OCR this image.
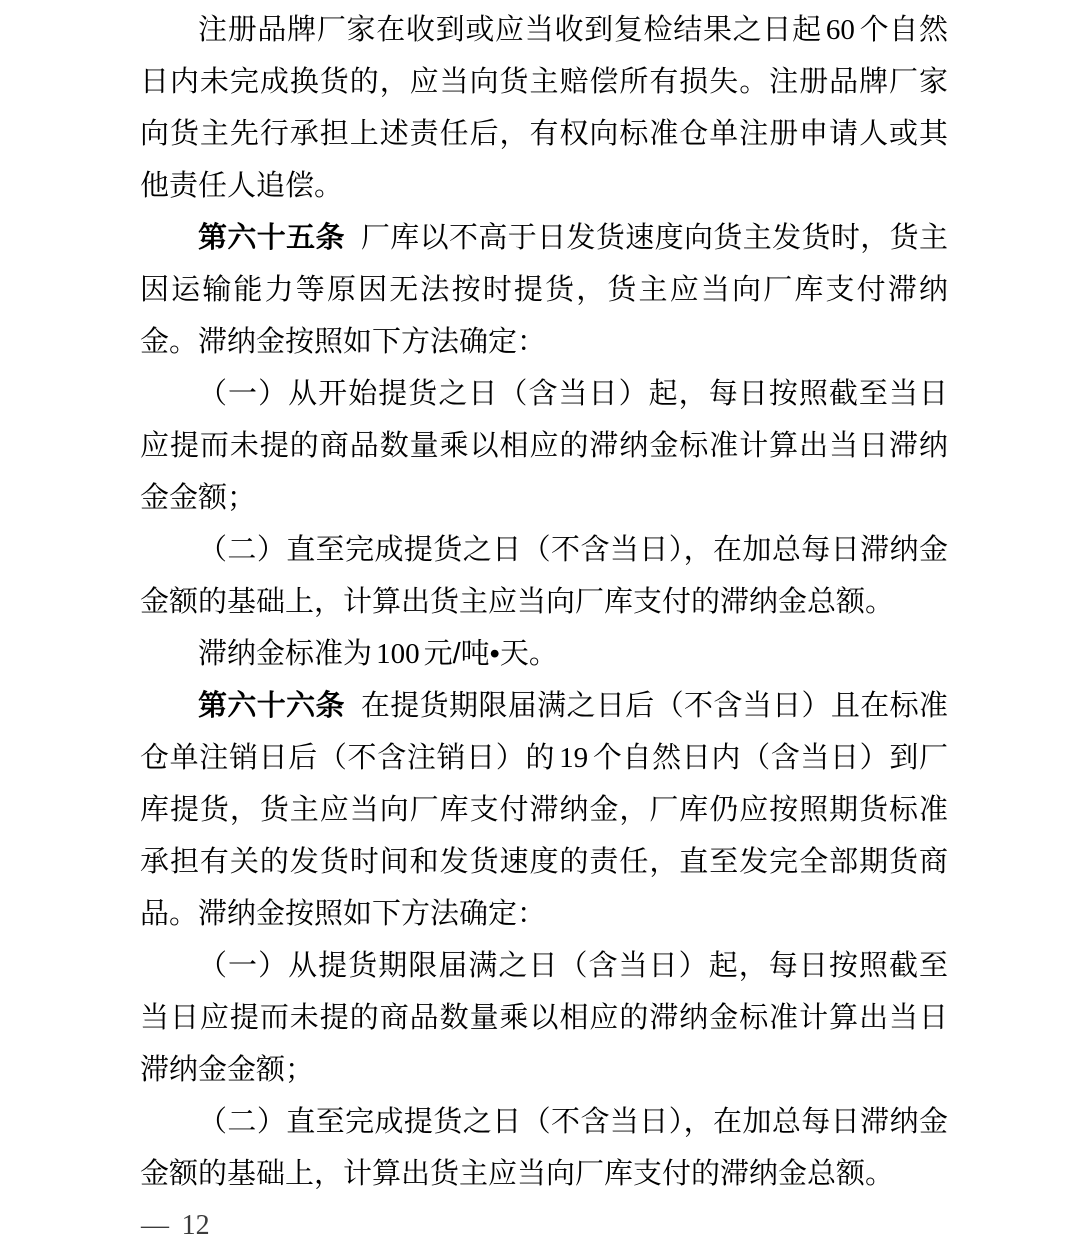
注册品牌厂家在收到或应当收到复检结果之日起 60 个自然日内未完成换货的，应当向货主赔偿所有损失。注册品牌厂家向货主先行承担上述责任后，有权向标准仓单注册申请人或其他责任人追偿。

第六十五条 厂库以不高于日发货速度向货主发货时，货主因运输能力等原因无法按时提货，货主应当向厂库支付滞纳金。滞纳金按照如下方法确定：

（一）从开始提货之日（含当日）起，每日按照截至当日应提而未提的商品数量乘以相应的滞纳金标准计算出当日滞纳金金额；

（二）直至完成提货之日（不含当日），在加总每日滞纳金金额的基础上，计算出货主应当向厂库支付的滞纳金总额。

滞纳金标准为 100 元/吨•天。

第六十六条 在提货期限届满之日后（不含当日）且在标准仓单注销日后（不含注销日）的 19 个自然日内（含当日）到厂库提货，货主应当向厂库支付滞纳金，厂库仍应按照期货标准承担有关的发货时间和发货速度的责任，直至发完全部期货商品。滞纳金按照如下方法确定：

（一）从提货期限届满之日（含当日）起，每日按照截至当日应提而未提的商品数量乘以相应的滞纳金标准计算出当日滞纳金金额；

（二）直至完成提货之日（不含当日），在加总每日滞纳金金额的基础上，计算出货主应当向厂库支付的滞纳金总额。

— 12
